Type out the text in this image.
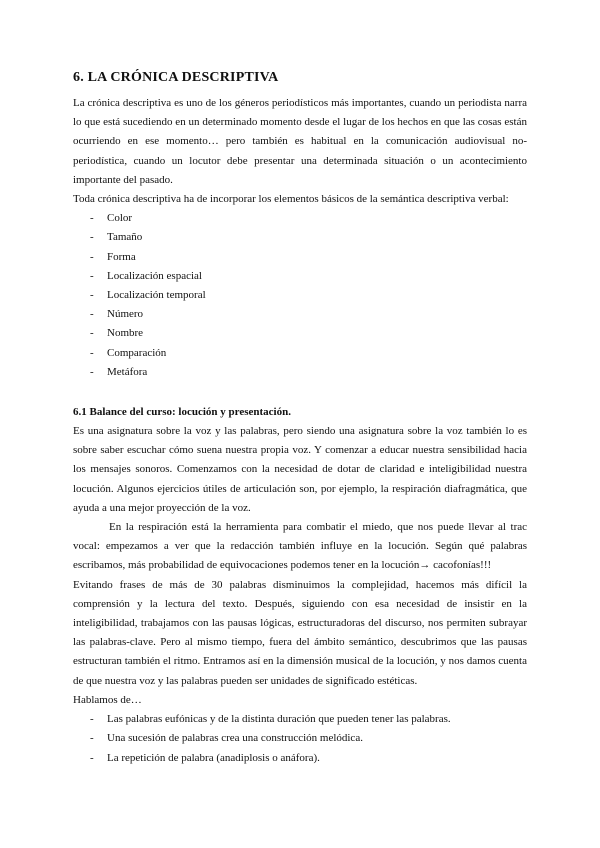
6. LA CRÓNICA DESCRIPTIVA

La crónica descriptiva es uno de los géneros periodísticos más importantes, cuando un periodista narra lo que está sucediendo en un determinado momento desde el lugar de los hechos en que las cosas están ocurriendo en ese momento… pero también es habitual en la comunicación audiovisual no-periodística, cuando un locutor debe presentar una determinada situación o un acontecimiento importante del pasado.

Toda crónica descriptiva ha de incorporar los elementos básicos de la semántica descriptiva verbal:

- Color
- Tamaño
- Forma
- Localización espacial
- Localización temporal
- Número
- Nombre
- Comparación
- Metáfora
6.1 Balance del curso: locución y presentación.

Es una asignatura sobre la voz y las palabras, pero siendo una asignatura sobre la voz también lo es sobre saber escuchar cómo suena nuestra propia voz. Y comenzar a educar nuestra sensibilidad hacia los mensajes sonoros. Comenzamos con la necesidad de dotar de claridad e inteligibilidad nuestra locución. Algunos ejercicios útiles de articulación son, por ejemplo, la respiración diafragmática, que ayuda a una mejor proyección de la voz.

En la respiración está la herramienta para combatir el miedo, que nos puede llevar al trac vocal: empezamos a ver que la redacción también influye en la locución. Según qué palabras escribamos, más probabilidad de equivocaciones podemos tener en la locución→ cacofonías!!!

Evitando frases de más de 30 palabras disminuimos la complejidad, hacemos más difícil la comprensión y la lectura del texto. Después, siguiendo con esa necesidad de insistir en la inteligibilidad, trabajamos con las pausas lógicas, estructuradoras del discurso, nos permiten subrayar las palabras-clave. Pero al mismo tiempo, fuera del ámbito semántico, descubrimos que las pausas estructuran también el ritmo. Entramos así en la dimensión musical de la locución, y nos damos cuenta de que nuestra voz y las palabras pueden ser unidades de significado estéticas.

Hablamos de…

- Las palabras eufónicas y de la distinta duración que pueden tener las palabras.
- Una sucesión de palabras crea una construcción melódica.
- La repetición de palabra (anadiplosis o anáfora).
